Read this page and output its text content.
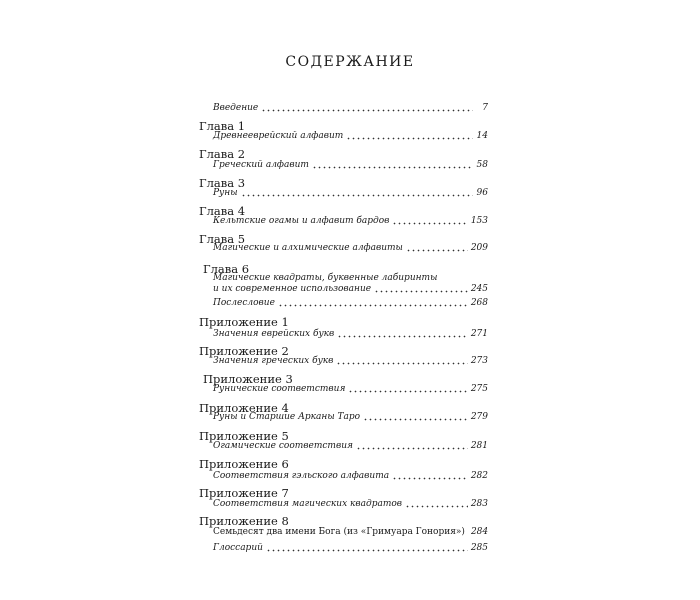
СОДЕРЖАНИЕ
Введение	7
Глава 1
Древнееврейский алфавит	14
Глава 2
Греческий алфавит	58
Глава 3
Руны	96
Глава 4
Кельтские огамы и алфавит бардов	153
Глава 5
Магические и алхимические алфавиты	209
Глава 6
Магические квадраты, буквенные лабиринты
и их современное использование	245
Послесловие	268
Приложение 1
Значения еврейских букв	271
Приложение 2
Значения греческих букв	273
Приложение 3
Рунические соответствия	275
Приложение 4
Руны и Старшие Арканы Таро	279
Приложение 5
Огамические соответствия	281
Приложение 6
Соответствия гэльского алфавита	282
Приложение 7
Соответствия магических квадратов	283
Приложение 8
Семьдесят два имени Бога (из «Гримуара Гонория») 284
Глоссарий	285
